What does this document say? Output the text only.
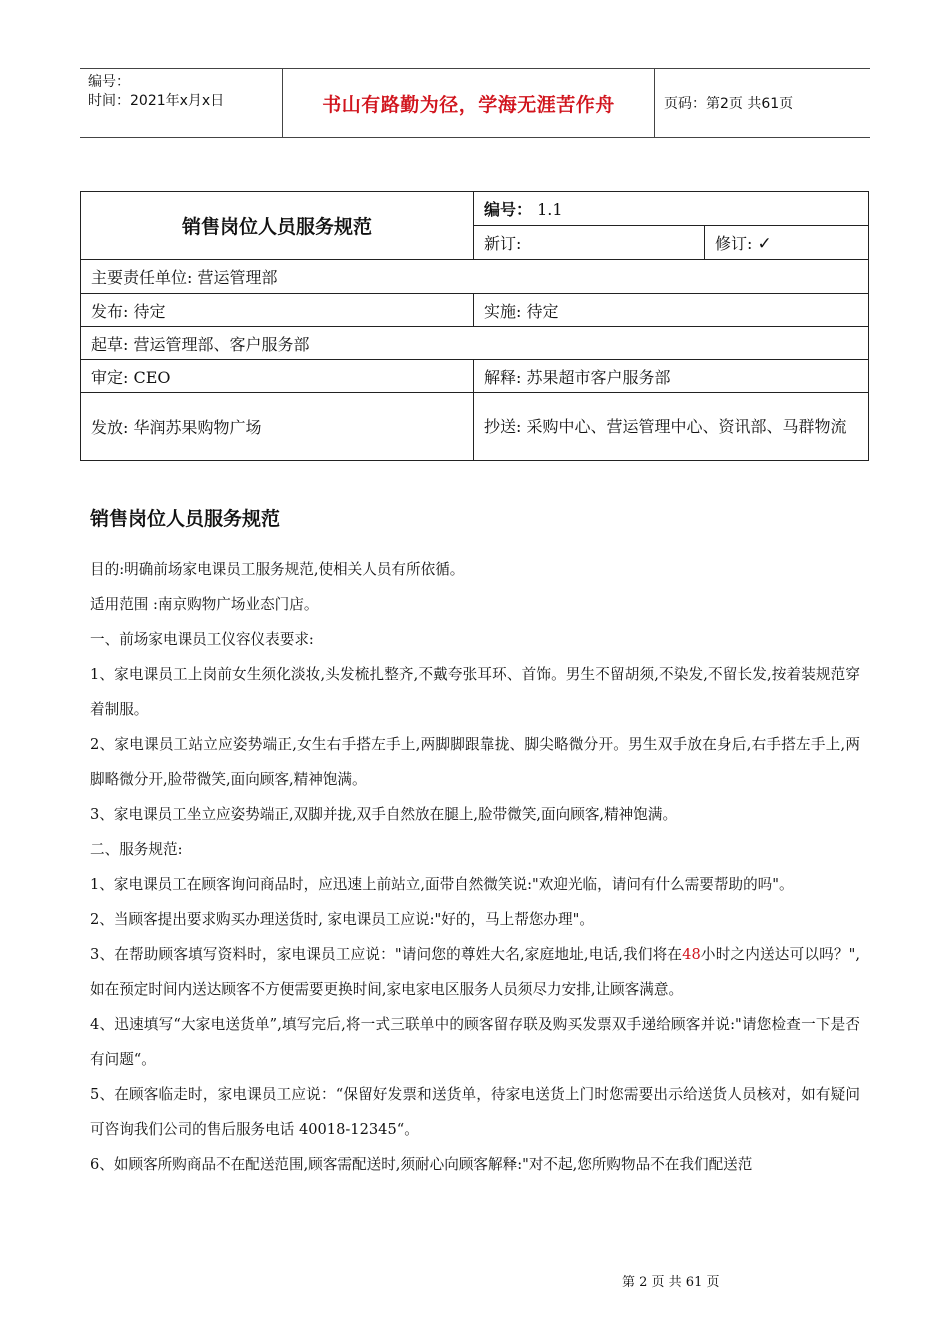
编号：
时间：2021年x月x日	书山有路勤为径，学海无涯苦作舟	页码：第2页 共61页
销售岗位人员服务规范	编号： 1.1	
	新订:	修订: ✓
主要责任单位: 营运管理部		
发布: 待定	实施: 待定	
起草: 营运管理部、客户服务部		
审定: CEO	解释: 苏果超市客户服务部	
发放: 华润苏果购物广场	抄送: 采购中心、营运管理中心、资讯部、马群物流	
销售岗位人员服务规范

目的:明确前场家电课员工服务规范,使相关人员有所依循。

适用范围 :南京购物广场业态门店。

一、前场家电课员工仪容仪表要求:

1、家电课员工上岗前女生须化淡妆,头发梳扎整齐,不戴夸张耳环、首饰。男生不留胡须,不染发,不留长发,按着装规范穿着制服。

2、家电课员工站立应姿势端正,女生右手搭左手上,两脚脚跟靠拢、脚尖略微分开。男生双手放在身后,右手搭左手上,两脚略微分开,脸带微笑,面向顾客,精神饱满。

3、家电课员工坐立应姿势端正,双脚并拢,双手自然放在腿上,脸带微笑,面向顾客,精神饱满。

二、服务规范:

1、家电课员工在顾客询问商品时，应迅速上前站立,面带自然微笑说:"欢迎光临，请问有什么需要帮助的吗"。

2、当顾客提出要求购买办理送货时, 家电课员工应说:"好的，马上帮您办理"。

3、在帮助顾客填写资料时，家电课员工应说："请问您的尊姓大名,家庭地址,电话,我们将在48小时之内送达可以吗？",如在预定时间内送达顾客不方便需要更换时间,家电家电区服务人员须尽力安排,让顾客满意。

4、迅速填写“大家电送货单”,填写完后,将一式三联单中的顾客留存联及购买发票双手递给顾客并说:"请您检查一下是否有问题“。

5、在顾客临走时，家电课员工应说：“保留好发票和送货单，待家电送货上门时您需要出示给送货人员核对，如有疑问可咨询我们公司的售后服务电话 40018-12345“。

6、如顾客所购商品不在配送范围,顾客需配送时,须耐心向顾客解释:"对不起,您所购物品不在我们配送范

第 2 页 共 61 页
